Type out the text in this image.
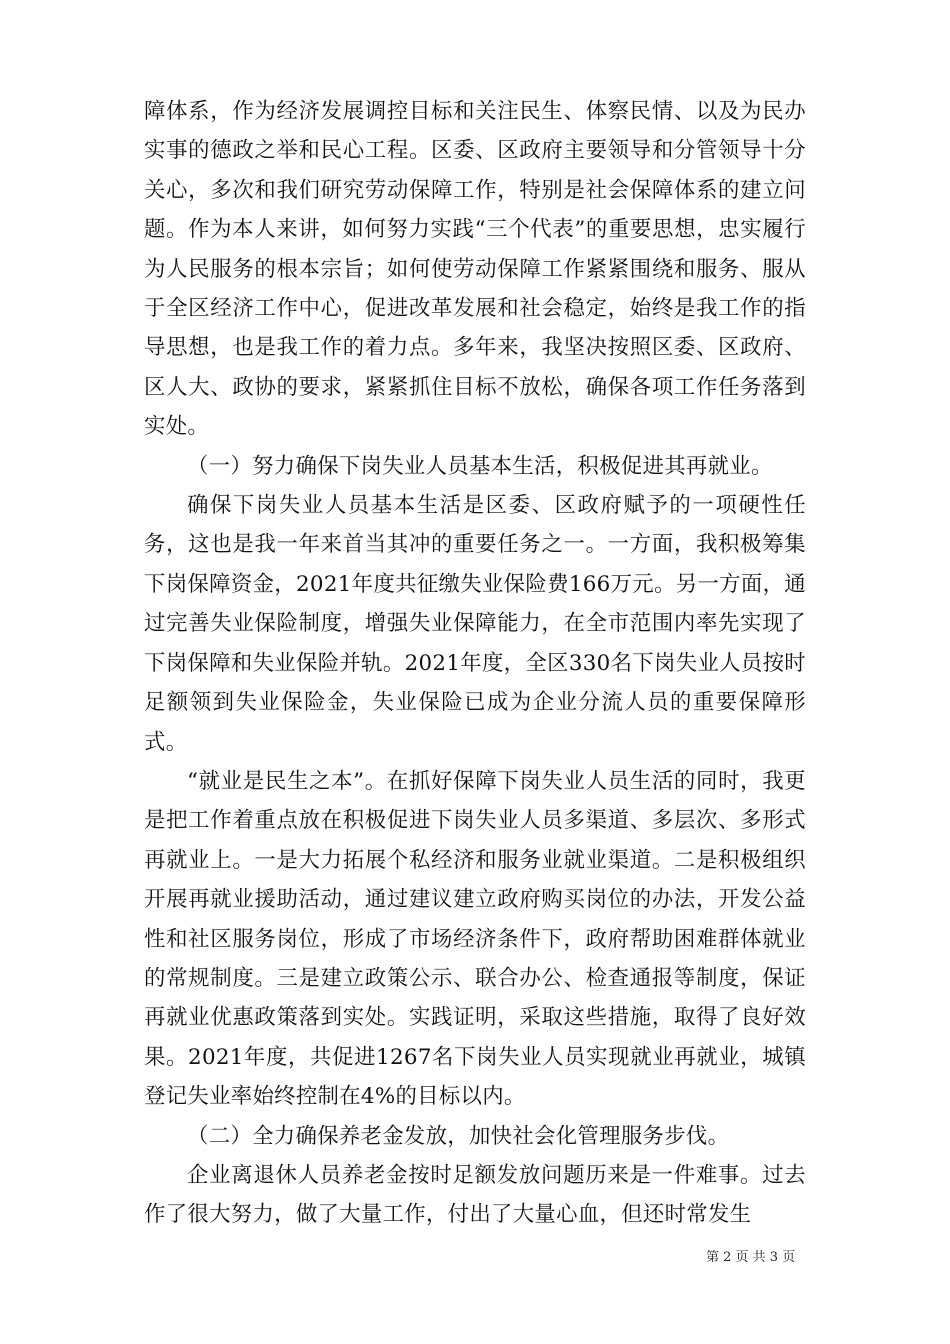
障体系，作为经济发展调控目标和关注民生、体察民情、以及为民办实事的德政之举和民心工程。区委、区政府主要领导和分管领导十分关心，多次和我们研究劳动保障工作，特别是社会保障体系的建立问题。作为本人来讲，如何努力实践“三个代表”的重要思想，忠实履行为人民服务的根本宗旨；如何使劳动保障工作紧紧围绕和服务、服从于全区经济工作中心，促进改革发展和社会稳定，始终是我工作的指导思想，也是我工作的着力点。多年来，我坚决按照区委、区政府、区人大、政协的要求，紧紧抓住目标不放松，确保各项工作任务落到实处。

（一）努力确保下岗失业人员基本生活，积极促进其再就业。

确保下岗失业人员基本生活是区委、区政府赋予的一项硬性任务，这也是我一年来首当其冲的重要任务之一。一方面，我积极筹集下岗保障资金，2021年度共征缴失业保险费166万元。另一方面，通过完善失业保险制度，增强失业保障能力，在全市范围内率先实现了下岗保障和失业保险并轨。2021年度，全区330名下岗失业人员按时足额领到失业保险金，失业保险已成为企业分流人员的重要保障形式。

“就业是民生之本”。在抓好保障下岗失业人员生活的同时，我更是把工作着重点放在积极促进下岗失业人员多渠道、多层次、多形式再就业上。一是大力拓展个私经济和服务业就业渠道。二是积极组织开展再就业援助活动，通过建议建立政府购买岗位的办法，开发公益性和社区服务岗位，形成了市场经济条件下，政府帮助困难群体就业的常规制度。三是建立政策公示、联合办公、检查通报等制度，保证再就业优惠政策落到实处。实践证明，采取这些措施，取得了良好效果。2021年度，共促进1267名下岗失业人员实现就业再就业，城镇登记失业率始终控制在4%的目标以内。

（二）全力确保养老金发放，加快社会化管理服务步伐。

企业离退休人员养老金按时足额发放问题历来是一件难事。过去作了很大努力，做了大量工作，付出了大量心血，但还时常发生

第 2 页 共 3 页
